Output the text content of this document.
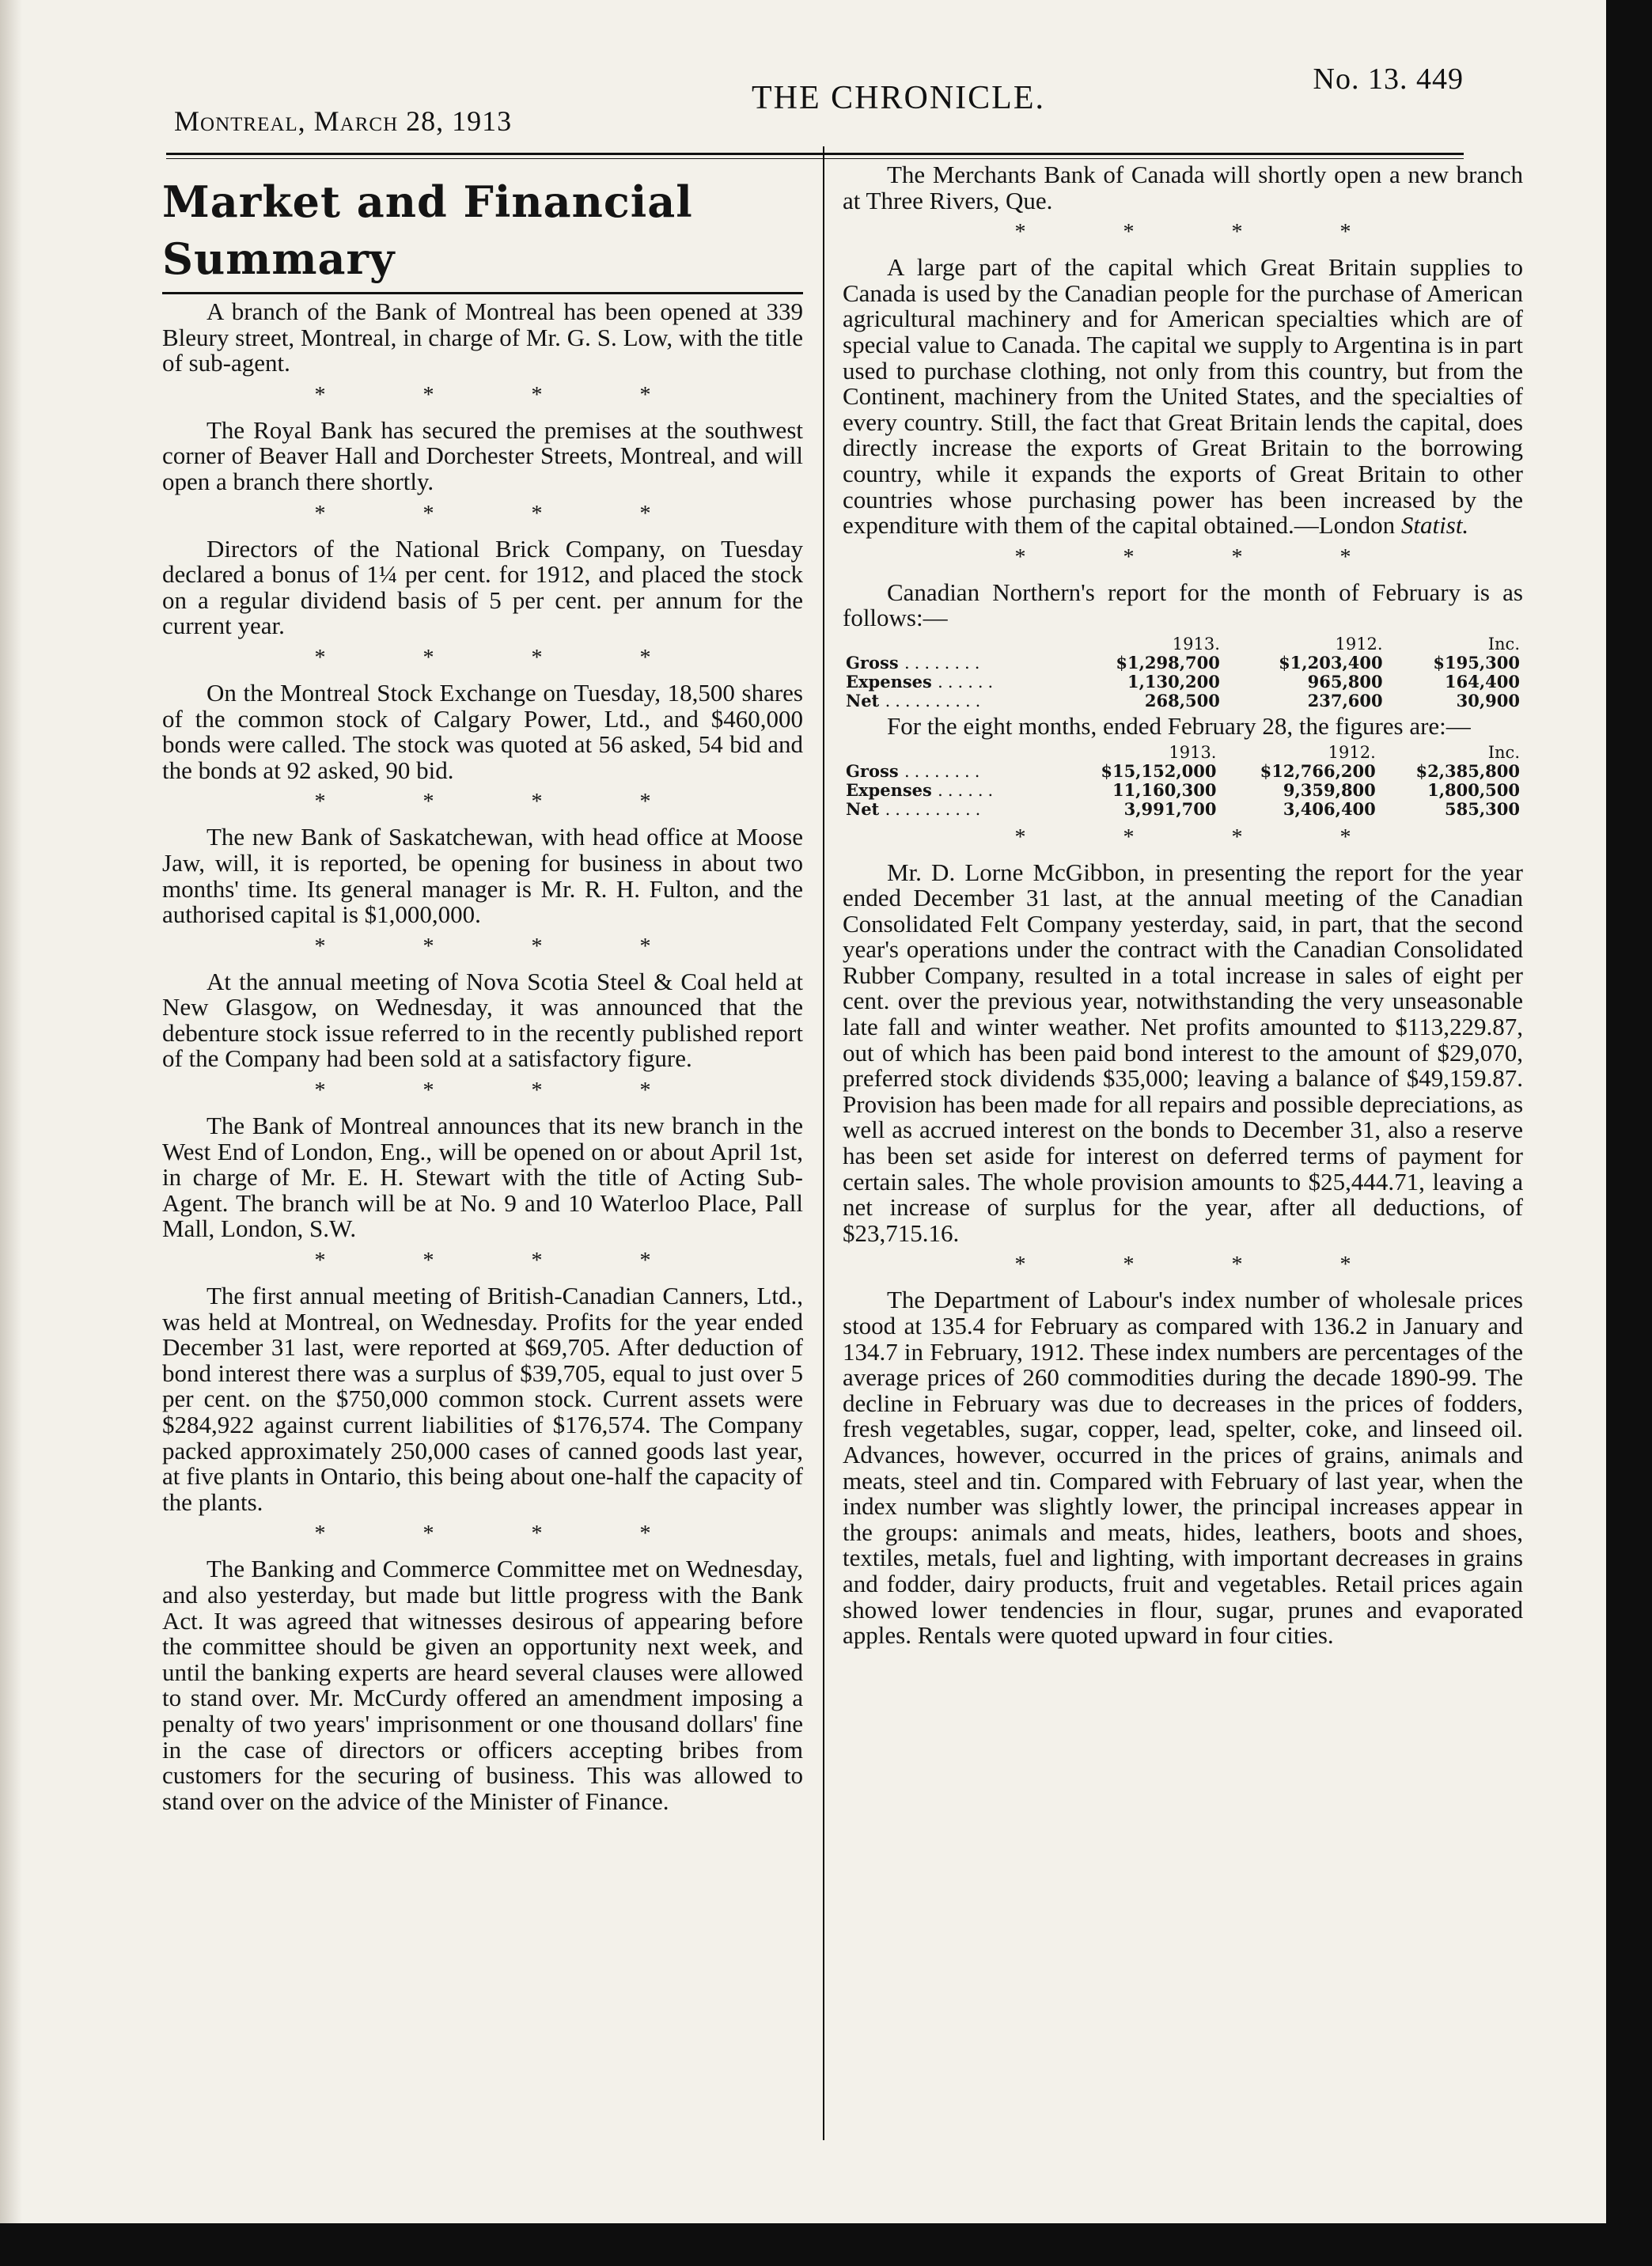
Montreal, March 28, 1913
THE CHRONICLE.
No. 13. 449
Market and Financial Summary

A branch of the Bank of Montreal has been opened at 339 Bleury street, Montreal, in charge of Mr. G. S. Low, with the title of sub-agent.

* * * *

The Royal Bank has secured the premises at the southwest corner of Beaver Hall and Dorchester Streets, Montreal, and will open a branch there shortly.

* * * *

Directors of the National Brick Company, on Tuesday declared a bonus of 1¼ per cent. for 1912, and placed the stock on a regular dividend basis of 5 per cent. per annum for the current year.

* * * *

On the Montreal Stock Exchange on Tuesday, 18,500 shares of the common stock of Calgary Power, Ltd., and $460,000 bonds were called. The stock was quoted at 56 asked, 54 bid and the bonds at 92 asked, 90 bid.

* * * *

The new Bank of Saskatchewan, with head office at Moose Jaw, will, it is reported, be opening for business in about two months' time. Its general manager is Mr. R. H. Fulton, and the authorised capital is $1,000,000.

* * * *

At the annual meeting of Nova Scotia Steel & Coal held at New Glasgow, on Wednesday, it was announced that the debenture stock issue referred to in the recently published report of the Company had been sold at a satisfactory figure.

* * * *

The Bank of Montreal announces that its new branch in the West End of London, Eng., will be opened on or about April 1st, in charge of Mr. E. H. Stewart with the title of Acting Sub-Agent. The branch will be at No. 9 and 10 Waterloo Place, Pall Mall, London, S.W.

* * * *

The first annual meeting of British-Canadian Canners, Ltd., was held at Montreal, on Wednesday. Profits for the year ended December 31 last, were reported at $69,705. After deduction of bond interest there was a surplus of $39,705, equal to just over 5 per cent. on the $750,000 common stock. Current assets were $284,922 against current liabilities of $176,574. The Company packed approximately 250,000 cases of canned goods last year, at five plants in Ontario, this being about one-half the capacity of the plants.

* * * *

The Banking and Commerce Committee met on Wednesday, and also yesterday, but made but little progress with the Bank Act. It was agreed that witnesses desirous of appearing before the committee should be given an opportunity next week, and until the banking experts are heard several clauses were allowed to stand over. Mr. McCurdy offered an amendment imposing a penalty of two years' imprisonment or one thousand dollars' fine in the case of directors or officers accepting bribes from customers for the securing of business. This was allowed to stand over on the advice of the Minister of Finance.

The Merchants Bank of Canada will shortly open a new branch at Three Rivers, Que.

* * * *

A large part of the capital which Great Britain supplies to Canada is used by the Canadian people for the purchase of American agricultural machinery and for American specialties which are of special value to Canada. The capital we supply to Argentina is in part used to purchase clothing, not only from this country, but from the Continent, machinery from the United States, and the specialties of every country. Still, the fact that Great Britain lends the capital, does directly increase the exports of Great Britain to the borrowing country, while it expands the exports of Great Britain to other countries whose purchasing power has been increased by the expenditure with them of the capital obtained.—London Statist.

* * * *

Canadian Northern's report for the month of February is as follows:—

	1913.	1912.	Inc.
Gross ........	$1,298,700	$1,203,400	$195,300
Expenses ......	1,130,200	965,800	164,400
Net ..........	268,500	237,600	30,900

For the eight months, ended February 28, the figures are:—

	1913.	1912.	Inc.
Gross ........	$15,152,000	$12,766,200	$2,385,800
Expenses ......	11,160,300	9,359,800	1,800,500
Net ..........	3,991,700	3,406,400	585,300
* * * *

Mr. D. Lorne McGibbon, in presenting the report for the year ended December 31 last, at the annual meeting of the Canadian Consolidated Felt Company yesterday, said, in part, that the second year's operations under the contract with the Canadian Consolidated Rubber Company, resulted in a total increase in sales of eight per cent. over the previous year, notwithstanding the very unseasonable late fall and winter weather. Net profits amounted to $113,229.87, out of which has been paid bond interest to the amount of $29,070, preferred stock dividends $35,000; leaving a balance of $49,159.87. Provision has been made for all repairs and possible depreciations, as well as accrued interest on the bonds to December 31, also a reserve has been set aside for interest on deferred terms of payment for certain sales. The whole provision amounts to $25,444.71, leaving a net increase of surplus for the year, after all deductions, of $23,715.16.

* * * *

The Department of Labour's index number of wholesale prices stood at 135.4 for February as compared with 136.2 in January and 134.7 in February, 1912. These index numbers are percentages of the average prices of 260 commodities during the decade 1890-99. The decline in February was due to decreases in the prices of fodders, fresh vegetables, sugar, copper, lead, spelter, coke, and linseed oil. Advances, however, occurred in the prices of grains, animals and meats, steel and tin. Compared with February of last year, when the index number was slightly lower, the principal increases appear in the groups: animals and meats, hides, leathers, boots and shoes, textiles, metals, fuel and lighting, with important decreases in grains and fodder, dairy products, fruit and vegetables. Retail prices again showed lower tendencies in flour, sugar, prunes and evaporated apples. Rentals were quoted upward in four cities.
